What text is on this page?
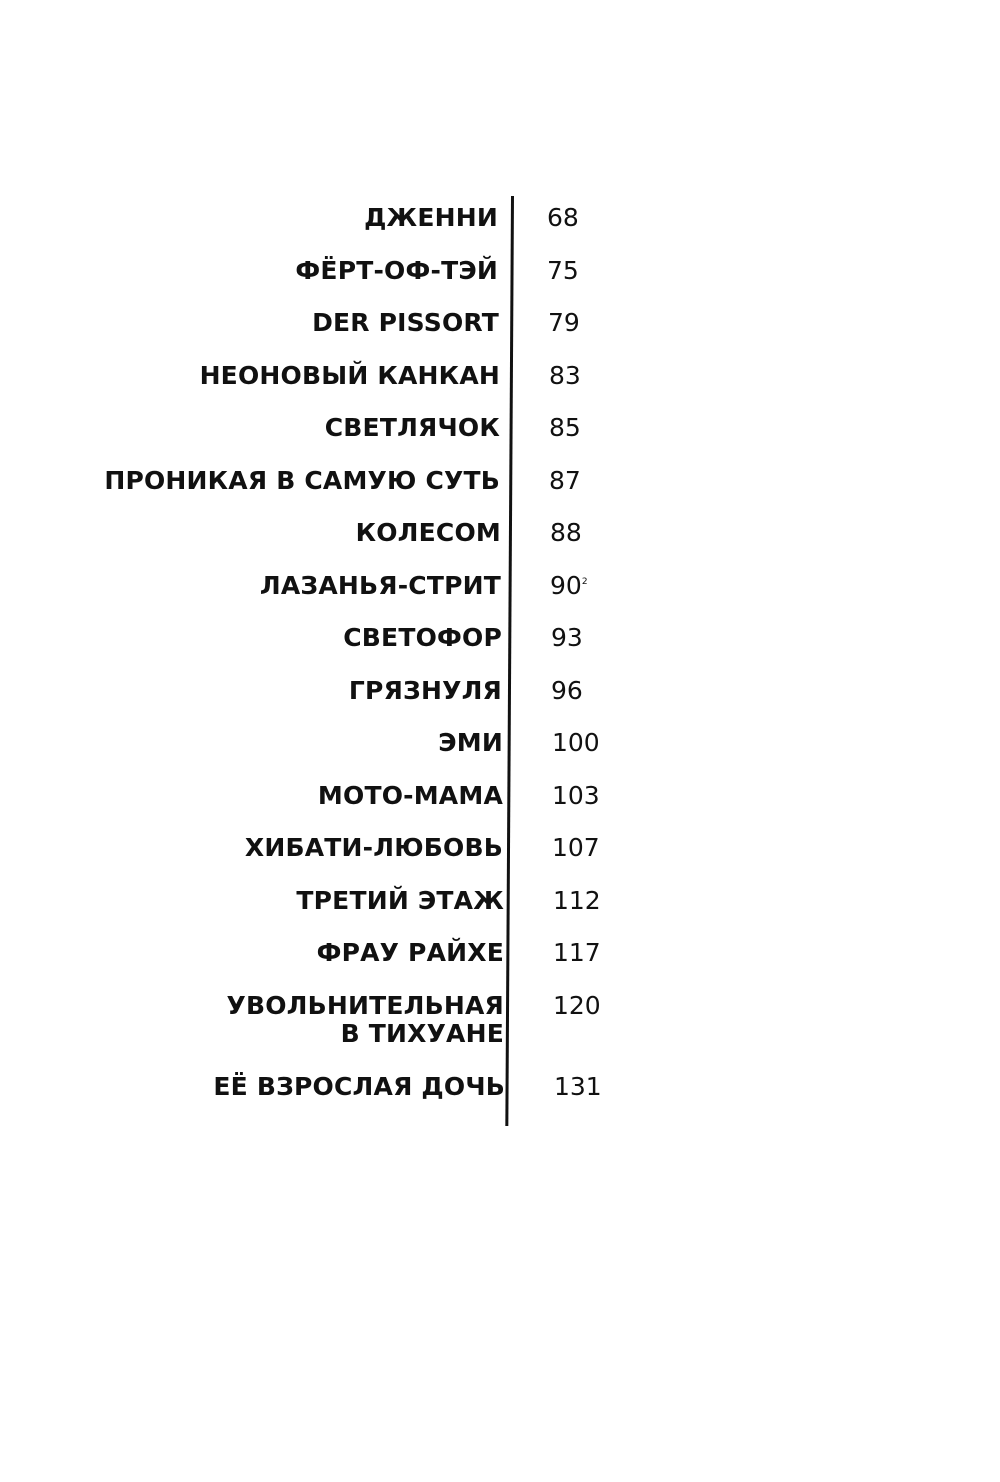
ДЖЕННИ 68
ФЁРТ-ОФ-ТЭЙ 75
DER PISSORT 79
НЕОНОВЫЙ КАНКАН 83
СВЕТЛЯЧОК 85
ПРОНИКАЯ В САМУЮ СУТЬ 87
КОЛЕСОМ 88
ЛАЗАНЬЯ-СТРИТ $90^2$
СВЕТОФОР 93
ГРЯЗНУЛЯ 96
ЭМИ 100
МОТО-МАМА 103
ХИБАТИ-ЛЮБОВЬ 107
ТРЕТИЙ ЭТАЖ 112
ФРАУ РАЙХЕ 117
УВОЛЬНИТЕЛЬНАЯ
В ТИХУАНЕ
120
ЕЁ ВЗРОСЛАЯ ДОЧЬ 131
